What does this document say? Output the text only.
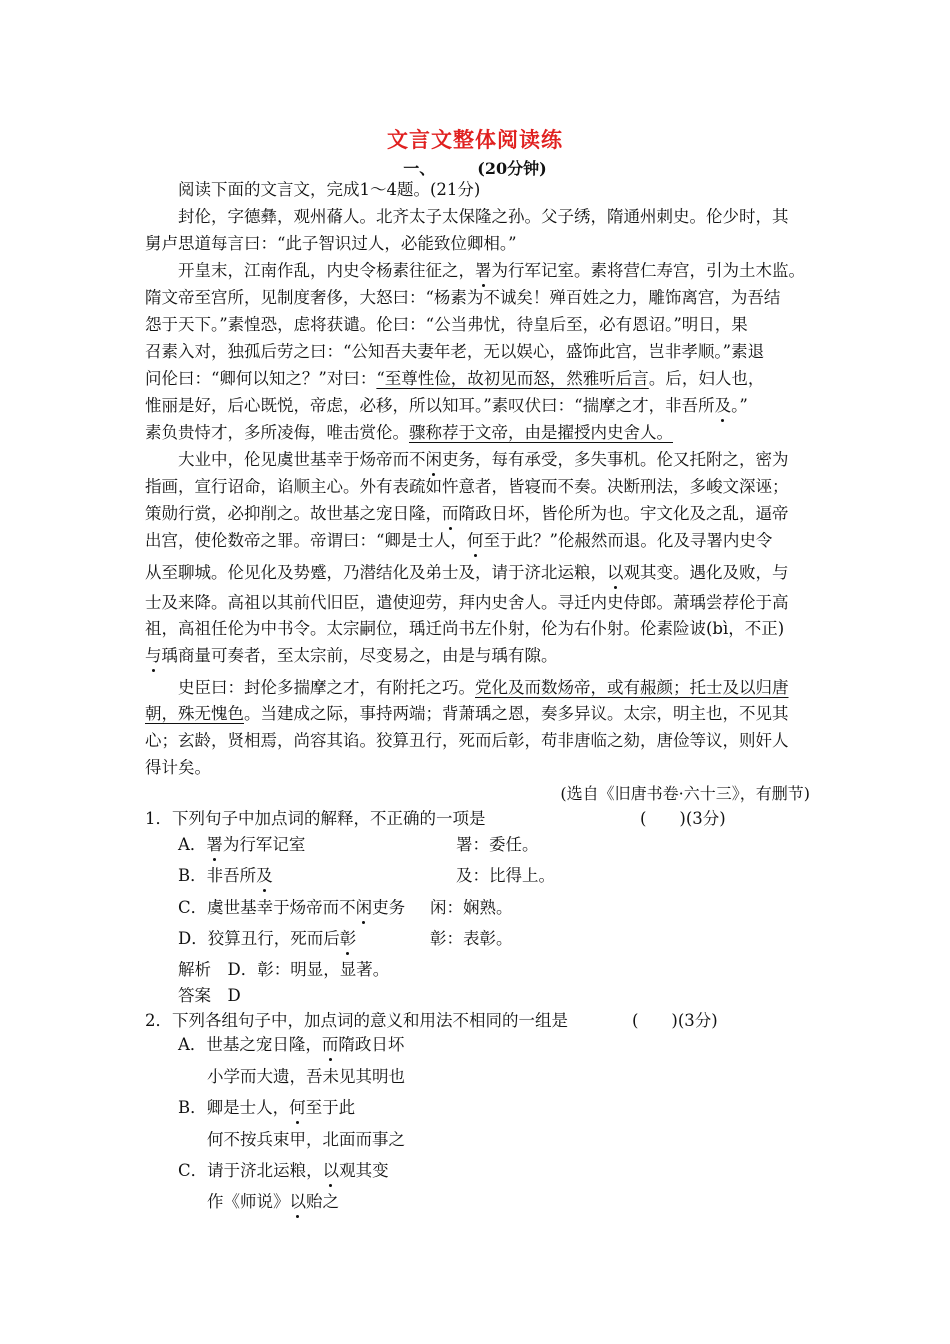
文言文整体阅读练
一、	(20分钟)
阅读下面的文言文，完成1～4题。(21分)
封伦，字德彝，观州蓨人。北齐太子太保隆之孙。父子绣，隋通州刺史。伦少时，其
舅卢思道每言曰：“此子智识过人，必能致位卿相。”
开皇末，江南作乱，内史令杨素往征之，署为行军记室。素将营仁寿宫，引为土木监。
隋文帝至宫所，见制度奢侈，大怒曰：“杨素为不诚矣！殚百姓之力，雕饰离宫，为吾结
怨于天下。”素惶恐，虑将获谴。伦曰：“公当弗忧，待皇后至，必有恩诏。”明日，果
召素入对，独孤后劳之曰：“公知吾夫妻年老，无以娱心，盛饰此宫，岂非孝顺。”素退
问伦曰：“卿何以知之？”对曰：“至尊性俭，故初见而怒，然雅听后言。后，妇人也，
惟丽是好，后心既悦，帝虑，必移，所以知耳。”素叹伏曰：“揣摩之才，非吾所及。”
素负贵恃才，多所凌侮，唯击赏伦。骤称荐于文帝，由是擢授内史舍人。
大业中，伦见虞世基幸于炀帝而不闲吏务，每有承受，多失事机。伦又托附之，密为
指画，宣行诏命，谄顺主心。外有表疏如忤意者，皆寝而不奏。决断刑法，多峻文深诬；
策勋行赏，必抑削之。故世基之宠日隆，而隋政日坏，皆伦所为也。宇文化及之乱，逼帝
出宫，使伦数帝之罪。帝谓曰：“卿是士人，何至于此？”伦赧然而退。化及寻署内史令
从至聊城。伦见化及势蹙，乃潜结化及弟士及，请于济北运粮，以观其变。遇化及败，与
士及来降。高祖以其前代旧臣，遣使迎劳，拜内史舍人。寻迁内史侍郎。萧瑀尝荐伦于高
祖，高祖任伦为中书令。太宗嗣位，瑀迁尚书左仆射，伦为右仆射。伦素险诐(bì，不正)
与瑀商量可奏者，至太宗前，尽变易之，由是与瑀有隙。
史臣曰：封伦多揣摩之才，有附托之巧。党化及而数炀帝，或有赧颜；托士及以归唐
朝，殊无愧色。当建成之际，事持两端；背萧瑀之恩，奏多异议。太宗，明主也，不见其
心；玄龄，贤相焉，尚容其谄。狡算丑行，死而后彰，苟非唐临之劾，唐俭等议，则奸人
得计矣。
(选自《旧唐书卷·六十三》，有删节)
1．下列句子中加点词的解释，不正确的一项是	(　　)(3分)
A．署为行军记室	署：委任。
B．非吾所及	及：比得上。
C．虞世基幸于炀帝而不闲吏务	闲：娴熟。
D．狡算丑行，死而后彰	彰：表彰。
解析　D．彰：明显，显著。
答案　D
2．下列各组句子中，加点词的意义和用法不相同的一组是	(　　)(3分)
A．世基之宠日隆，而隋政日坏
小学而大遗，吾未见其明也
B．卿是士人，何至于此
何不按兵束甲，北面而事之
C．请于济北运粮，以观其变
作《师说》以贻之
